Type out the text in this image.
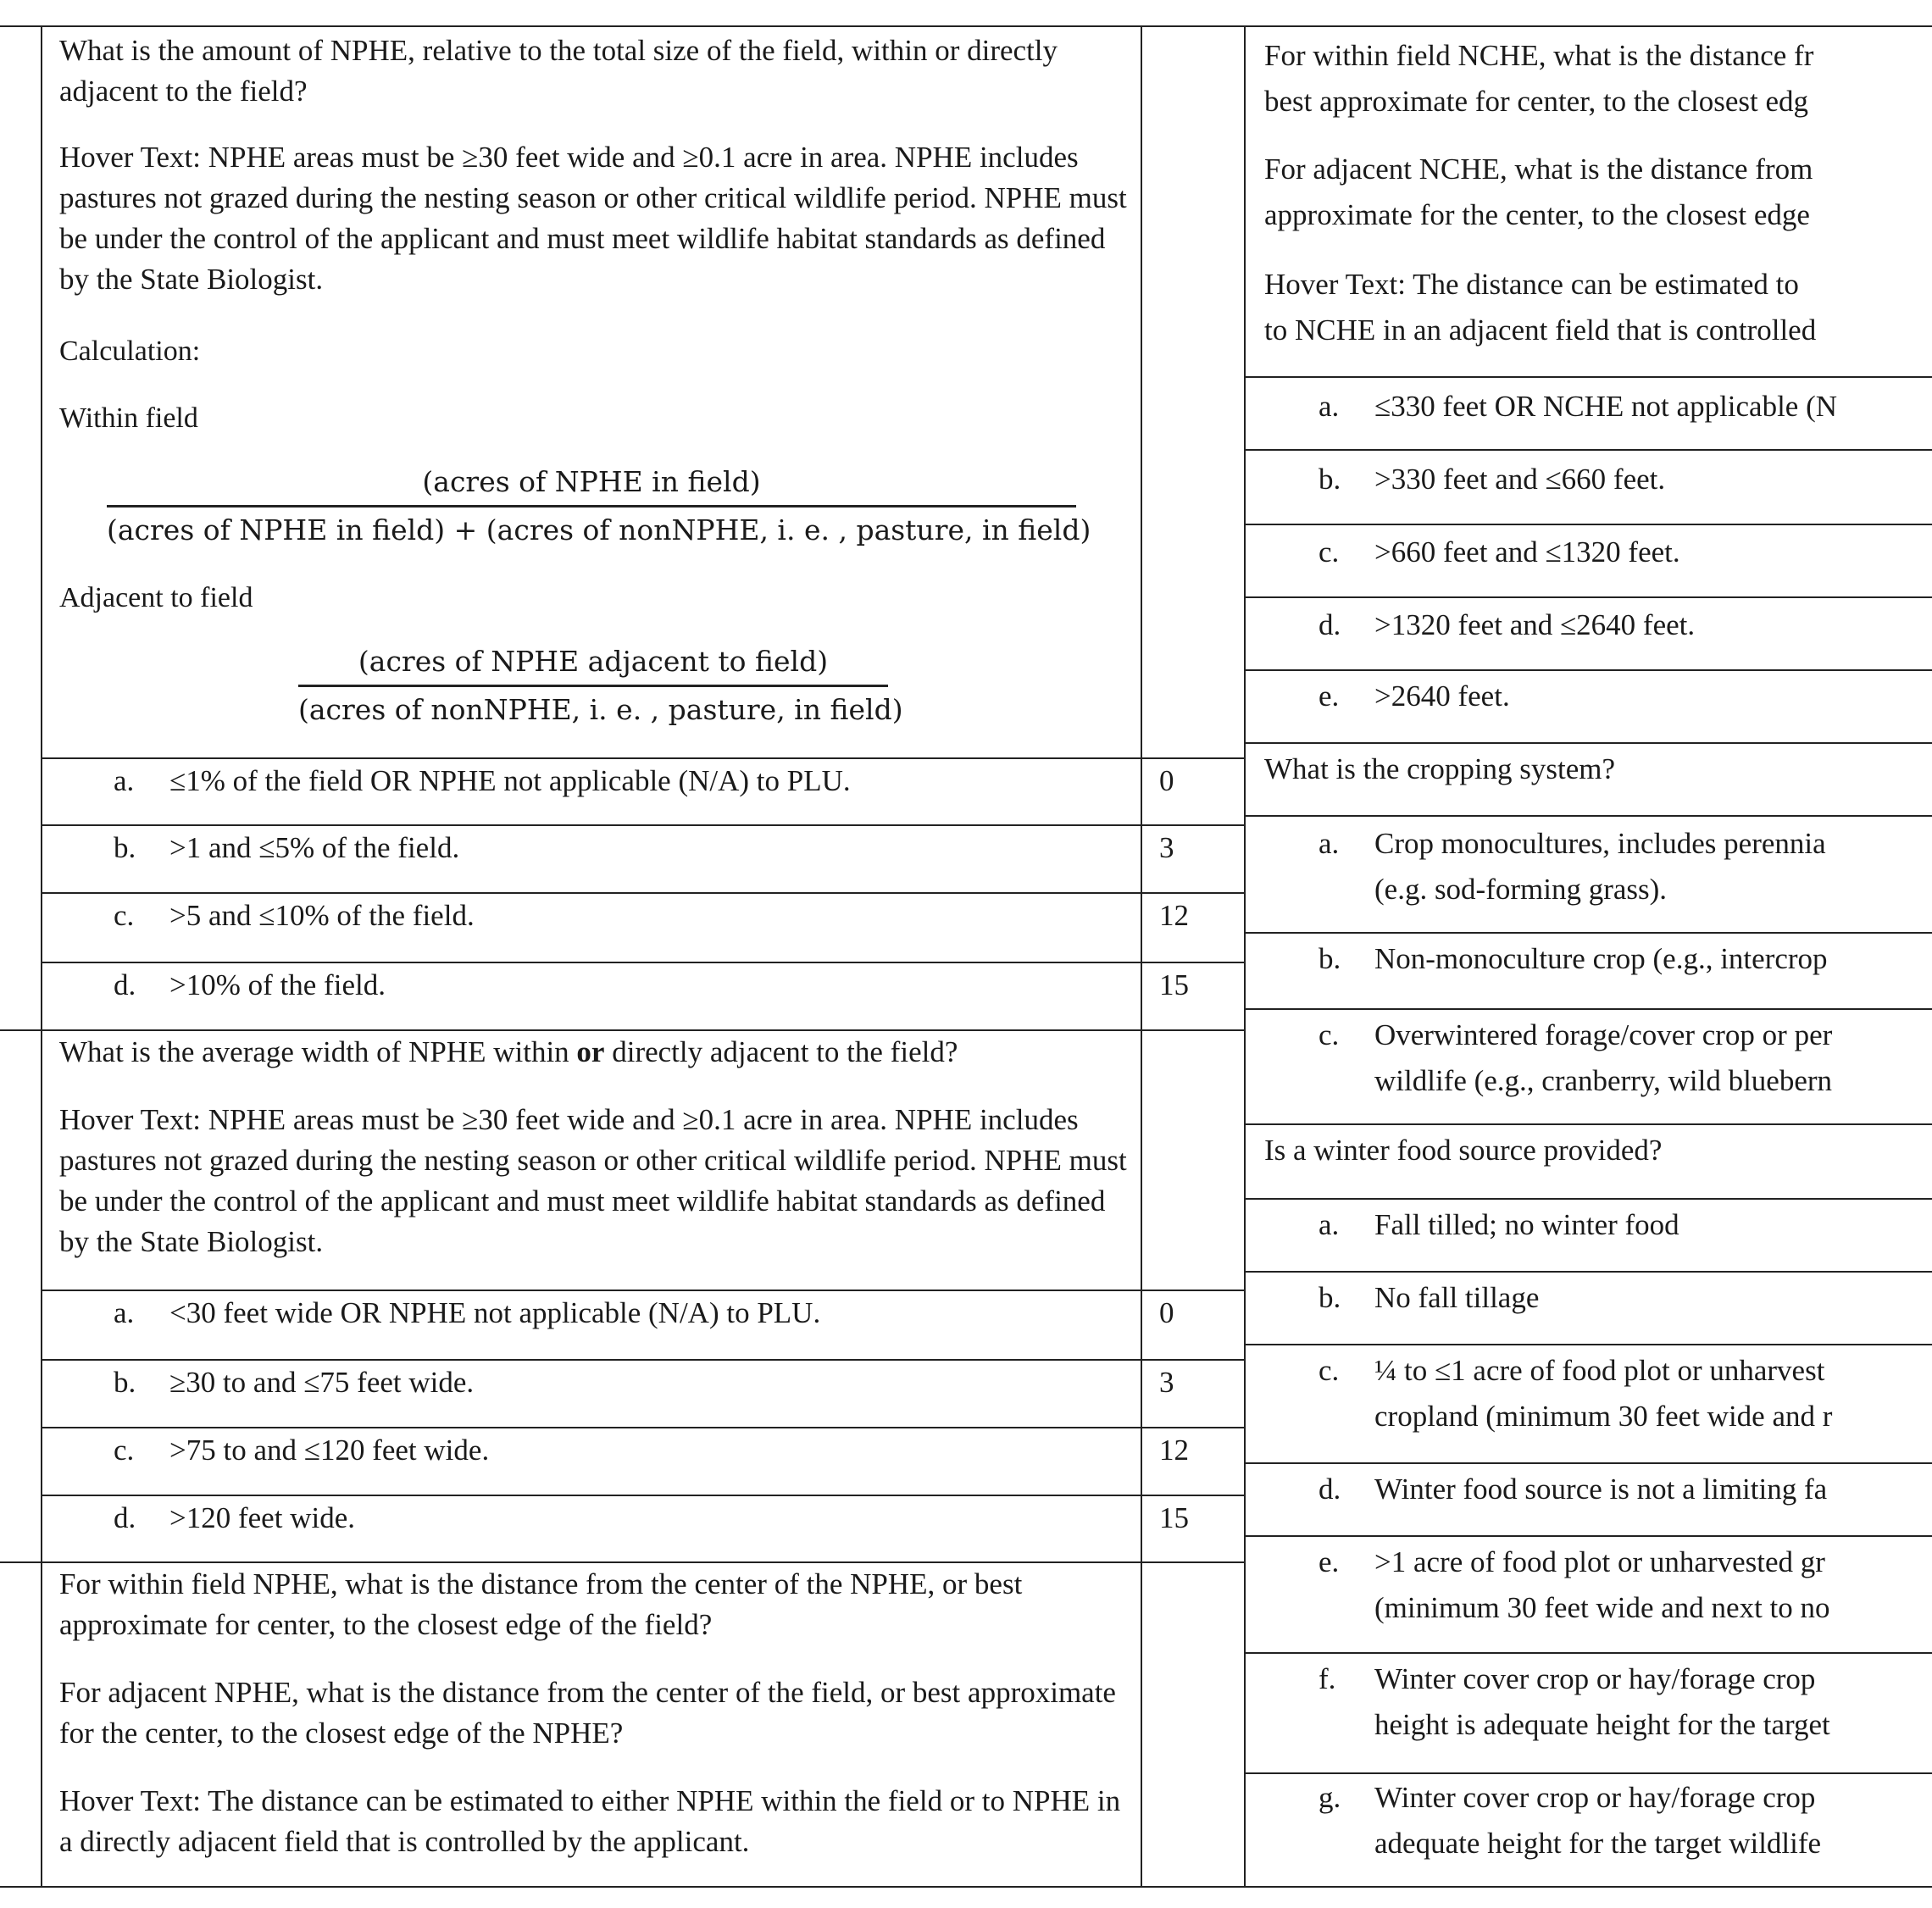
What is the amount of NPHE, relative to the total size of the field, within or directly adjacent to the field?
Hover Text: NPHE areas must be ≥30 feet wide and ≥0.1 acre in area. NPHE includes pastures not grazed during the nesting season or other critical wildlife period. NPHE must be under the control of the applicant and must meet wildlife habitat standards as defined by the State Biologist.
Calculation:
Within field
(acres of NPHE in field)
(acres of NPHE in field) + (acres of nonNPHE, i. e. , pasture, in field)
Adjacent to field
(acres of NPHE adjacent to field)
(acres of nonNPHE, i. e. , pasture, in field)
a. ≤1% of the field OR NPHE not applicable (N/A) to PLU.	0
b. >1 and ≤5% of the field.	3
c. >5 and ≤10% of the field.	12
d. >10% of the field.	15
What is the average width of NPHE within or directly adjacent to the field?
Hover Text: NPHE areas must be ≥30 feet wide and ≥0.1 acre in area. NPHE includes pastures not grazed during the nesting season or other critical wildlife period. NPHE must be under the control of the applicant and must meet wildlife habitat standards as defined by the State Biologist.
a. <30 feet wide OR NPHE not applicable (N/A) to PLU.	0
b. ≥30 to and ≤75 feet wide.	3
c. >75 to and ≤120 feet wide.	12
d. >120 feet wide.	15
For within field NPHE, what is the distance from the center of the NPHE, or best approximate for center, to the closest edge of the field?
For adjacent NPHE, what is the distance from the center of the field, or best approximate for the center, to the closest edge of the NPHE?
Hover Text: The distance can be estimated to either NPHE within the field or to NPHE in a directly adjacent field that is controlled by the applicant.
For within field NCHE, what is the distance fr
best approximate for center, to the closest edg
For adjacent NCHE, what is the distance from
approximate for the center, to the closest edge
Hover Text: The distance can be estimated to
to NCHE in an adjacent field that is controlled
a. ≤330 feet OR NCHE not applicable (N
b. >330 feet and ≤660 feet.
c. >660 feet and ≤1320 feet.
d. >1320 feet and ≤2640 feet.
e. >2640 feet.
What is the cropping system?
a. Crop monocultures, includes perennia
(e.g. sod-forming grass).
b. Non-monoculture crop (e.g., intercrop
c. Overwintered forage/cover crop or per
wildlife (e.g., cranberry, wild bluebern
Is a winter food source provided?
a. Fall tilled; no winter food
b. No fall tillage
c. ¼ to ≤1 acre of food plot or unharvest
cropland (minimum 30 feet wide and r
d. Winter food source is not a limiting fa
e. >1 acre of food plot or unharvested gr
(minimum 30 feet wide and next to no
f. Winter cover crop or hay/forage crop
height is adequate height for the target
g. Winter cover crop or hay/forage crop
adequate height for the target wildlife
